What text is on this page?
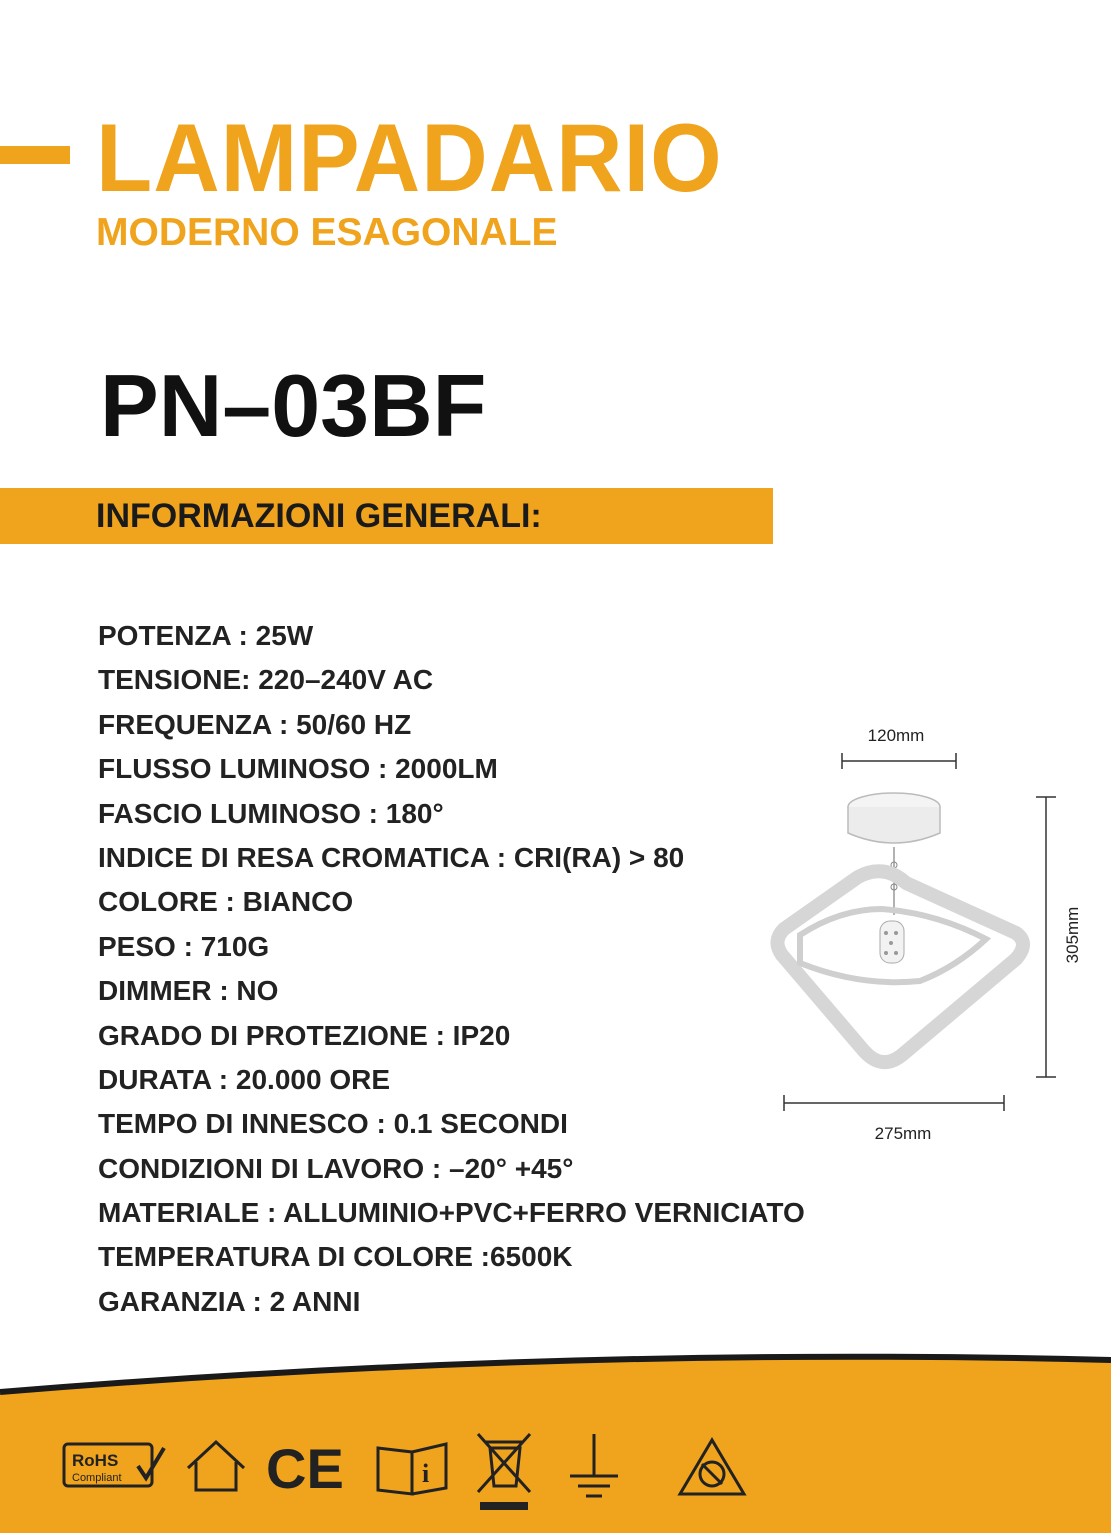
LAMPADARIO
MODERNO ESAGONALE
PN–03BF
INFORMAZIONI GENERALI:
POTENZA : 25W
TENSIONE: 220–240V AC
FREQUENZA : 50/60 HZ
FLUSSO LUMINOSO : 2000LM
FASCIO LUMINOSO : 180°
INDICE DI RESA CROMATICA : CRI(RA) > 80
COLORE : BIANCO
PESO : 710G
DIMMER : NO
GRADO DI PROTEZIONE : IP20
DURATA : 20.000 ORE
TEMPO DI INNESCO : 0.1 SECONDI
CONDIZIONI DI LAVORO : –20° +45°
MATERIALE : ALLUMINIO+PVC+FERRO VERNICIATO
TEMPERATURA DI COLORE :6500K
GARANZIA : 2 ANNI
120mm
305mm
275mm
RoHS
Compliant	CE	i
